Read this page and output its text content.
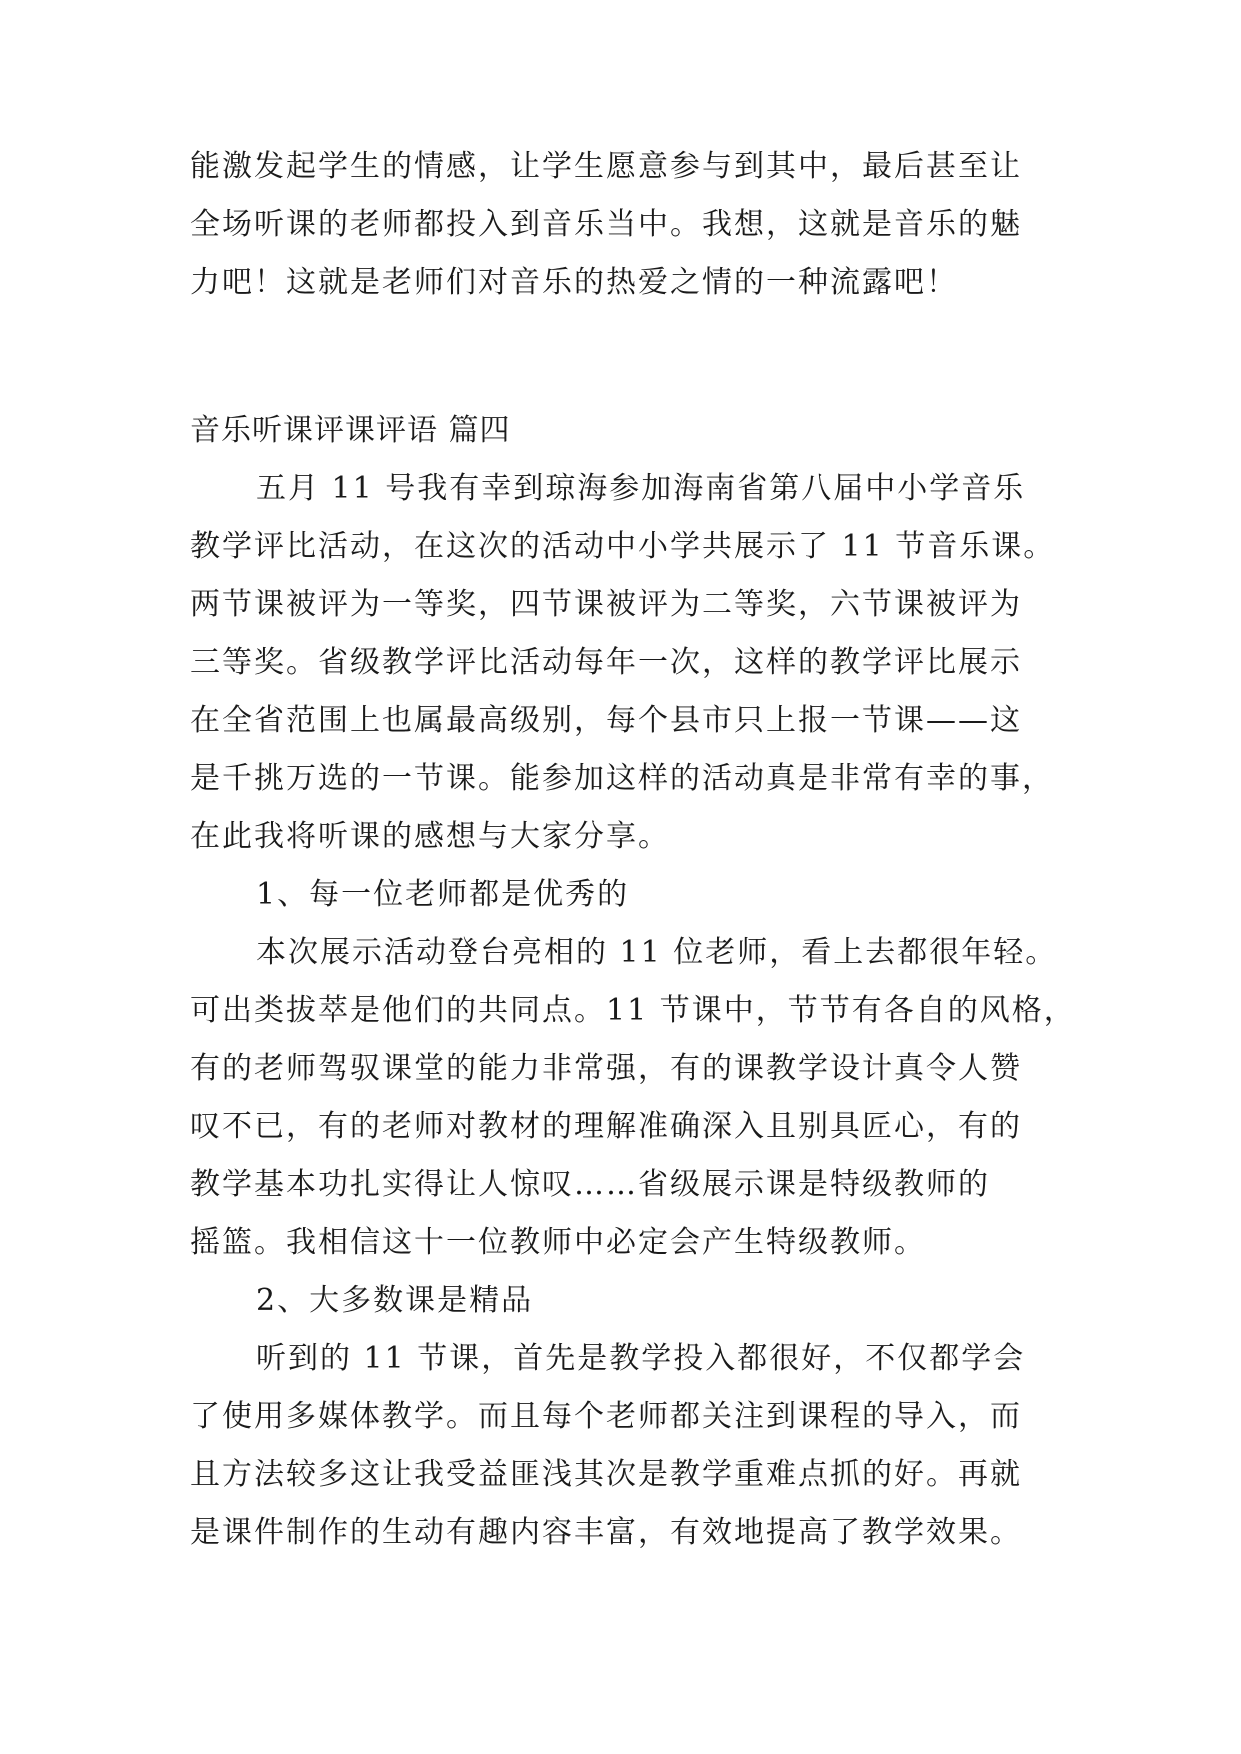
能激发起学生的情感，让学生愿意参与到其中，最后甚至让
全场听课的老师都投入到音乐当中。我想，这就是音乐的魅
力吧！这就是老师们对音乐的热爱之情的一种流露吧！
音乐听课评课评语 篇四
五月 11 号我有幸到琼海参加海南省第八届中小学音乐
教学评比活动，在这次的活动中小学共展示了 11 节音乐课。
两节课被评为一等奖，四节课被评为二等奖，六节课被评为
三等奖。省级教学评比活动每年一次，这样的教学评比展示
在全省范围上也属最高级别，每个县市只上报一节课——这
是千挑万选的一节课。能参加这样的活动真是非常有幸的事，
在此我将听课的感想与大家分享。
1、每一位老师都是优秀的
本次展示活动登台亮相的 11 位老师，看上去都很年轻。
可出类拔萃是他们的共同点。11 节课中，节节有各自的风格，
有的老师驾驭课堂的能力非常强，有的课教学设计真令人赞
叹不已，有的老师对教材的理解准确深入且别具匠心，有的
教学基本功扎实得让人惊叹……省级展示课是特级教师的
摇篮。我相信这十一位教师中必定会产生特级教师。
2、大多数课是精品
听到的 11 节课，首先是教学投入都很好，不仅都学会
了使用多媒体教学。而且每个老师都关注到课程的导入，而
且方法较多这让我受益匪浅其次是教学重难点抓的好。再就
是课件制作的生动有趣内容丰富，有效地提高了教学效果。
